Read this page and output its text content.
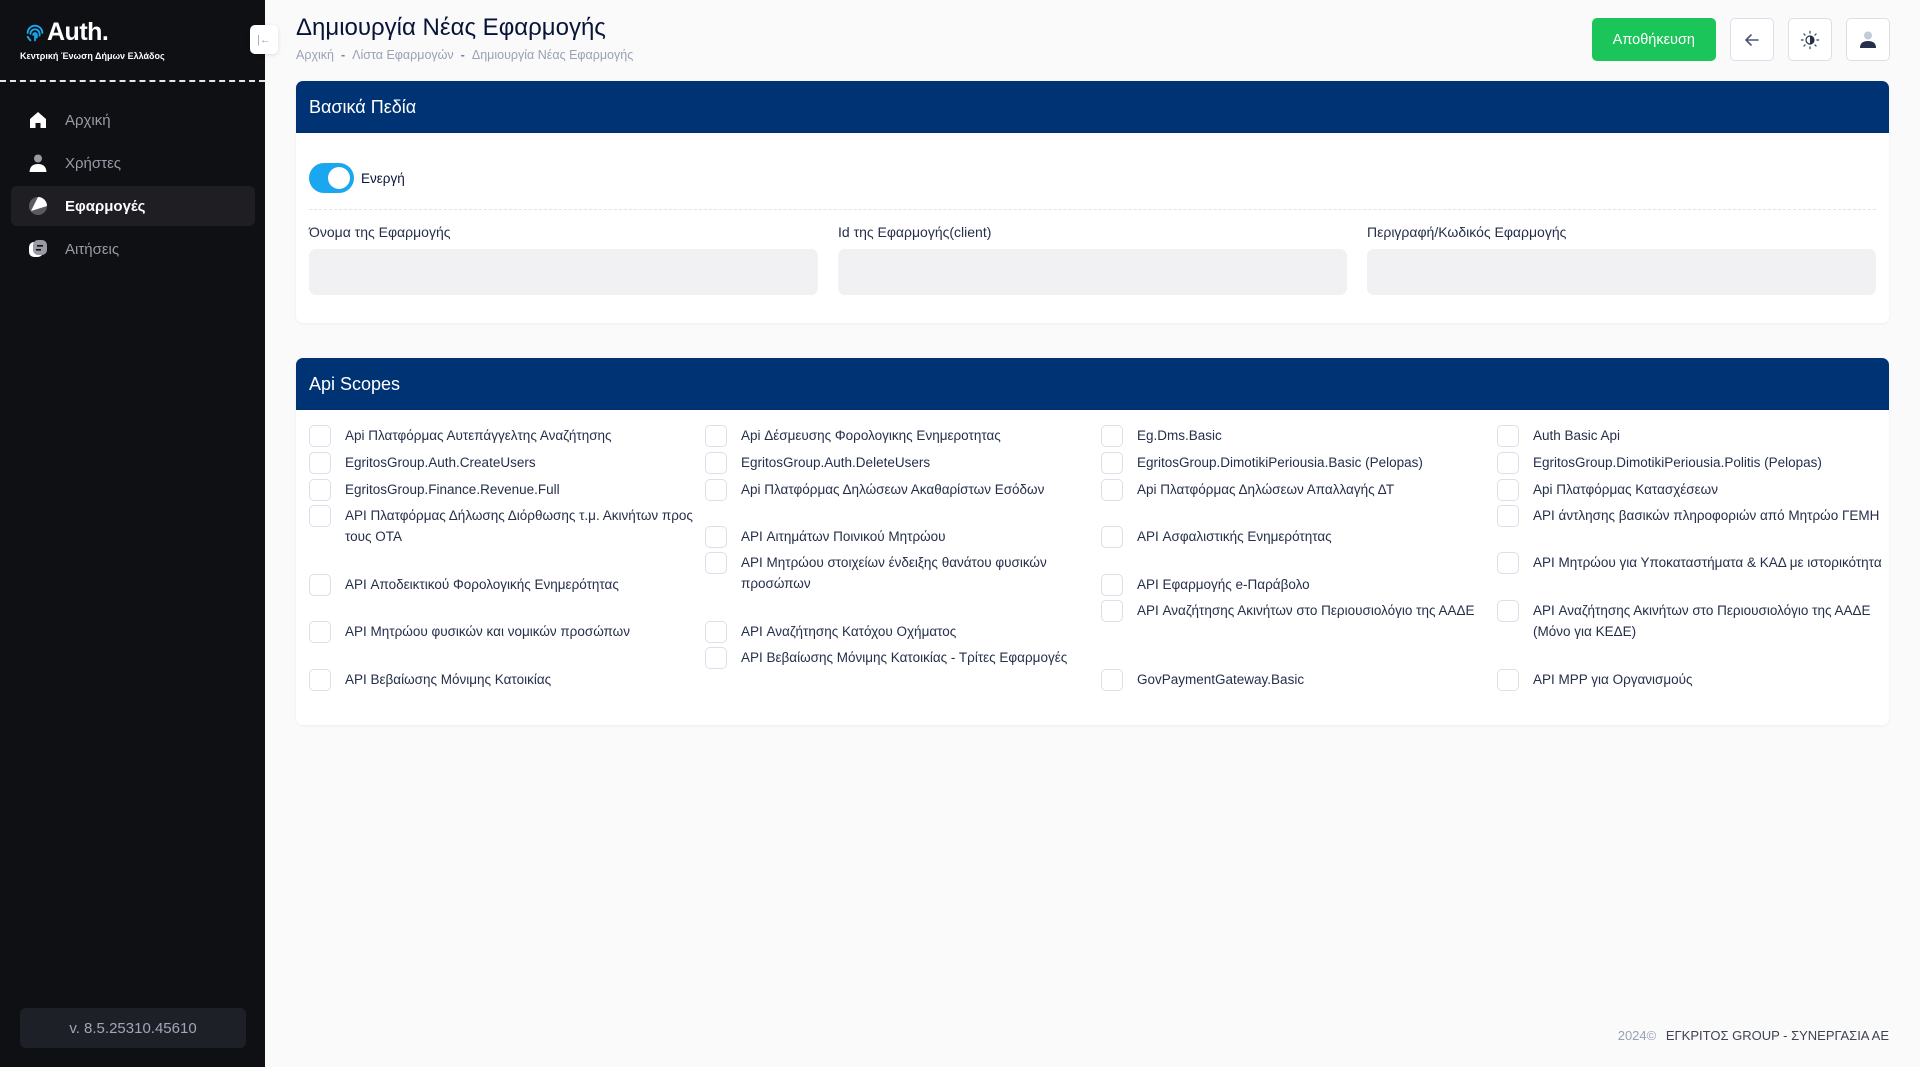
Auth.
Κεντρική Ένωση Δήμων Ελλάδος
Αρχική
Χρήστες
Εφαρμογές
Αιτήσεις
v. 8.5.25310.45610
|← Δημιουργία Νέας Εφαρμογής
Αρχική - Λίστα Εφαρμογών - Δημιουργία Νέας Εφαρμογής
Αποθήκευση
Βασικά Πεδία
Ενεργή
Όνομα της Εφαρμογής	Id της Εφαρμογής(client)	Περιγραφή/Κωδικός Εφαρμογής
Api Scopes
Api Πλατφόρμας Αυτεπάγγελτης Αναζήτησης
EgritosGroup.Auth.CreateUsers
EgritosGroup.Finance.Revenue.Full
API Πλατφόρμας Δήλωσης Διόρθωσης τ.μ. Ακινήτων προς τους ΟΤΑ
API Αποδεικτικού Φορολογικής Ενημερότητας
API Μητρώου φυσικών και νομικών προσώπων
API Βεβαίωσης Μόνιμης Κατοικίας
Api Δέσμευσης Φορολογικης Ενημεροτητας
EgritosGroup.Auth.DeleteUsers
Api Πλατφόρμας Δηλώσεων Ακαθαρίστων Εσόδων
API Αιτημάτων Ποινικού Μητρώου
API Μητρώου στοιχείων ένδειξης θανάτου φυσικών προσώπων
API Αναζήτησης Κατόχου Οχήματος
API Βεβαίωσης Μόνιμης Κατοικίας - Τρίτες Εφαρμογές
Eg.Dms.Basic
EgritosGroup.DimotikiPeriousia.Basic (Pelopas)
Api Πλατφόρμας Δηλώσεων Απαλλαγής ΔΤ
API Ασφαλιστικής Ενημερότητας
API Εφαρμογής e-Παράβολο
API Αναζήτησης Ακινήτων στο Περιουσιολόγιο της ΑΑΔΕ
GovPaymentGateway.Basic
Auth Basic Api
EgritosGroup.DimotikiPeriousia.Politis (Pelopas)
Api Πλατφόρμας Κατασχέσεων
API άντλησης βασικών πληροφοριών από Μητρώο ΓΕΜΗ
API Μητρώου για Υποκαταστήματα & ΚΑΔ με ιστορικότητα
API Αναζήτησης Ακινήτων στο Περιουσιολόγιο της ΑΑΔΕ (Μόνο για ΚΕΔΕ)
API MPP για Οργανισμούς
2024© ΕΓΚΡΙΤΟΣ GROUP - ΣΥΝΕΡΓΑΣΙΑ ΑΕ
